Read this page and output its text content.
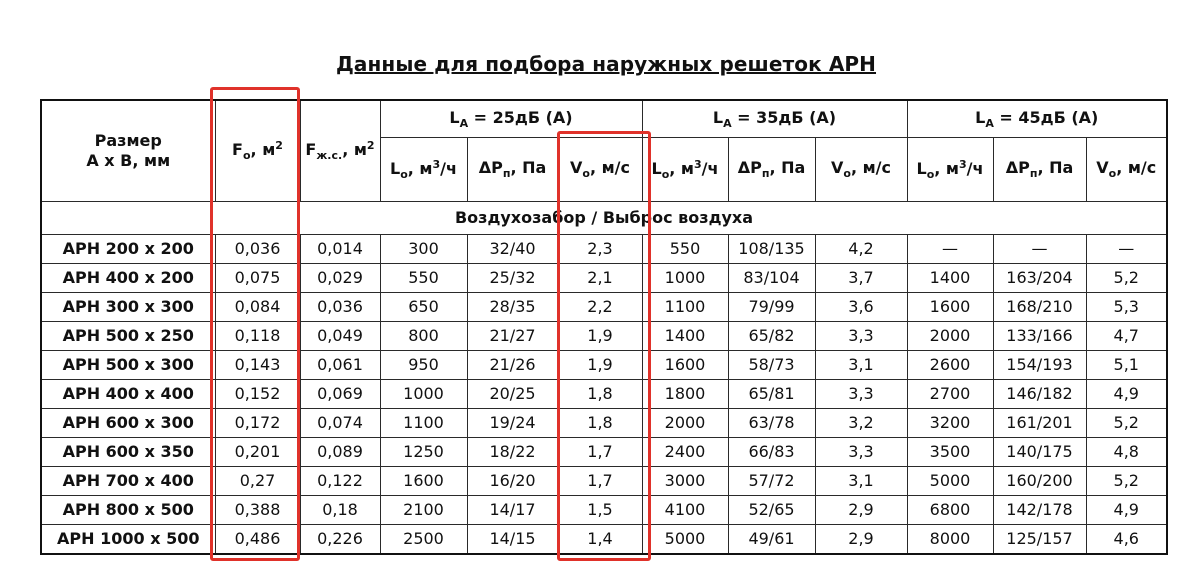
Данные для подбора наружных решеток АРН
Размер
А х В, мм	$F_о$, $м^2$	$F_{ж.с.}$, $м^2$	$L_A = 25дБ$ (А)			$L_A = 35дБ$ (А)			$L_A = 45дБ$ (А)		
			$L_о$, $м^3/ч$	$\Delta Р_п$, Па	$V_о$, м/с	$L_о$, $м^3/ч$	$\Delta Р_п$, Па	$V_о$, м/с	$L_о$, $м^3/ч$	$\Delta Р_п$, Па	$V_о$, м/с
Воздухозабор / Выброс воздуха											
АРН 200 х 200	0,036	0,014	300	32/40	2,3	550	108/135	4,2	—	—	—
АРН 400 х 200	0,075	0,029	550	25/32	2,1	1000	83/104	3,7	1400	163/204	5,2
АРН 300 х 300	0,084	0,036	650	28/35	2,2	1100	79/99	3,6	1600	168/210	5,3
АРН 500 х 250	0,118	0,049	800	21/27	1,9	1400	65/82	3,3	2000	133/166	4,7
АРН 500 х 300	0,143	0,061	950	21/26	1,9	1600	58/73	3,1	2600	154/193	5,1
АРН 400 х 400	0,152	0,069	1000	20/25	1,8	1800	65/81	3,3	2700	146/182	4,9
АРН 600 х 300	0,172	0,074	1100	19/24	1,8	2000	63/78	3,2	3200	161/201	5,2
АРН 600 х 350	0,201	0,089	1250	18/22	1,7	2400	66/83	3,3	3500	140/175	4,8
АРН 700 х 400	0,27	0,122	1600	16/20	1,7	3000	57/72	3,1	5000	160/200	5,2
АРН 800 х 500	0,388	0,18	2100	14/17	1,5	4100	52/65	2,9	6800	142/178	4,9
АРН 1000 х 500	0,486	0,226	2500	14/15	1,4	5000	49/61	2,9	8000	125/157	4,6
